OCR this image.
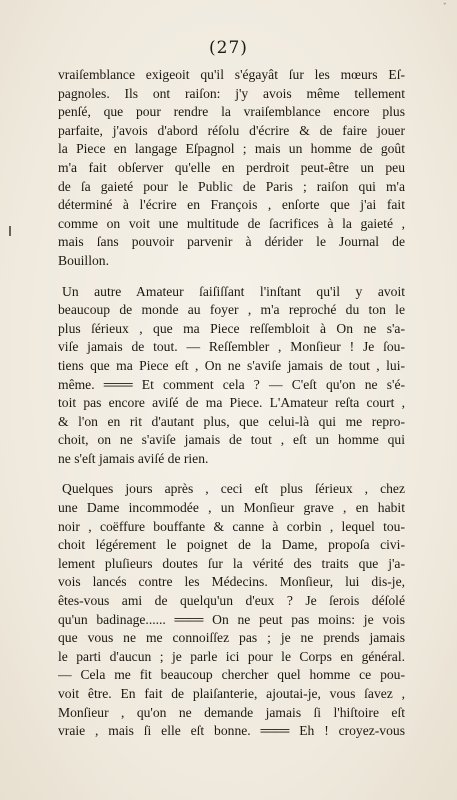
ˇ
(27)
vraiſemblance exigeoit qu'il s'égayât ſur les mœurs Eſ-
pagnoles. Ils ont raiſon: j'y avois même tellement
penſé, que pour rendre la vraiſemblance encore plus
parfaite, j'avois d'abord réſolu d'écrire & de faire jouer
la Piece en langage Eſpagnol ; mais un homme de goût
m'a fait obſerver qu'elle en perdroit peut-être un peu
de ſa gaieté pour le Public de Paris ; raiſon qui m'a
déterminé à l'écrire en François , enſorte que j'ai fait
comme on voit une multitude de ſacrifices à la gaieté ,
mais ſans pouvoir parvenir à dérider le Journal de
Bouillon.
Un autre Amateur ſaiſiſſant l'inſtant qu'il y avoit
beaucoup de monde au foyer , m'a reproché du ton le
plus ſérieux , que ma Piece reſſembloit à On ne s'a-
viſe jamais de tout. — Reſſembler , Monſieur ! Je ſou-
tiens que ma Piece eſt , On ne s'aviſe jamais de tout , lui-
même. ═══ Et comment cela ? — C'eſt qu'on ne s'é-
toit pas encore aviſé de ma Piece. L'Amateur reſta court ,
& l'on en rit d'autant plus, que celui-là qui me repro-
choit, on ne s'aviſe jamais de tout , eſt un homme qui
ne s'eſt jamais aviſé de rien.
Quelques jours après , ceci eſt plus ſérieux , chez
une Dame incommodée , un Monſieur grave , en habit
noir , coëffure bouffante & canne à corbin , lequel tou-
choit légérement le poignet de la Dame, propoſa civi-
lement pluſieurs doutes ſur la vérité des traits que j'a-
vois lancés contre les Médecins. Monſieur, lui dis-je,
êtes-vous ami de quelqu'un d'eux ? Je ſerois déſolé
qu'un badinage...... ═══ On ne peut pas moins: je vois
que vous ne me connoiſſez pas ; je ne prends jamais
le parti d'aucun ; je parle ici pour le Corps en général.
— Cela me fit beaucoup chercher quel homme ce pou-
voit être. En fait de plaiſanterie, ajoutai-je, vous ſavez ,
Monſieur , qu'on ne demande jamais ſi l'hiſtoire eſt
vraie , mais ſi elle eſt bonne. ═══ Eh ! croyez-vous
